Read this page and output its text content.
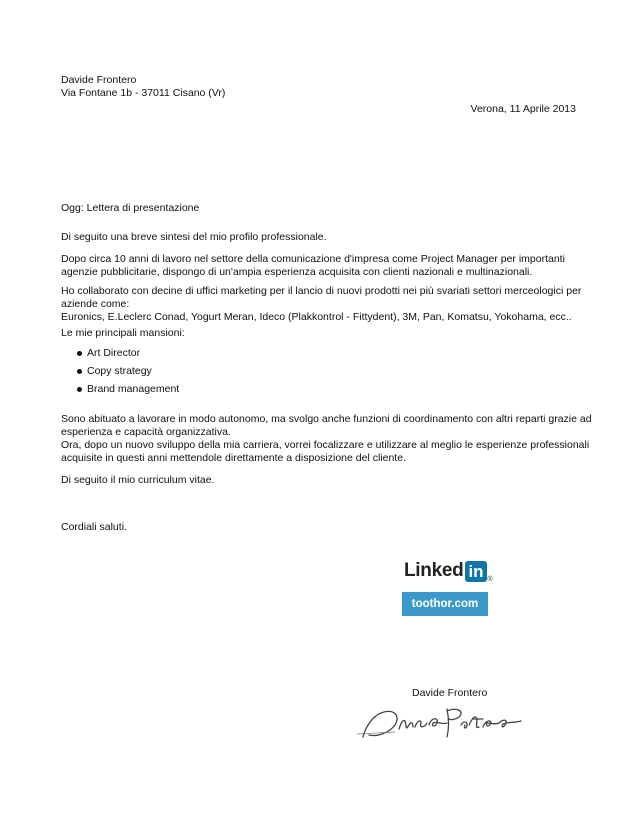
Davide Frontero
Via Fontane 1b - 37011 Cisano (Vr)
Verona, 11 Aprile 2013
Ogg: Lettera di presentazione
Di seguito una breve sintesi del mio profilo professionale.
Dopo circa 10 anni di lavoro nel settore della comunicazione d'impresa come Project Manager per importanti
agenzie pubblicitarie, dispongo di un'ampia esperienza acquisita con clienti nazionali e multinazionali.
Ho collaborato con decine di uffici marketing per il lancio di nuovi prodotti nei più svariati settori merceologici per
aziende come:
Euronics, E.Leclerc Conad, Yogurt Meran, Ideco (Plakkontrol - Fittydent), 3M, Pan, Komatsu, Yokohama, ecc..
Le mie principali mansioni:
Art Director
Copy strategy
Brand management
Sono abituato a lavorare in modo autonomo, ma svolgo anche funzioni di coordinamento con altri reparti grazie ad
esperienza e capacità organizzativa.
Ora, dopo un nuovo sviluppo della mia carriera, vorrei focalizzare e utilizzare al meglio le esperienze professionali
acquisite in questi anni mettendole direttamente a disposizione del cliente.
Di seguito il mio curriculum vitae.
Cordiali saluti.
Linked in ®
toothor.com
Davide Frontero
